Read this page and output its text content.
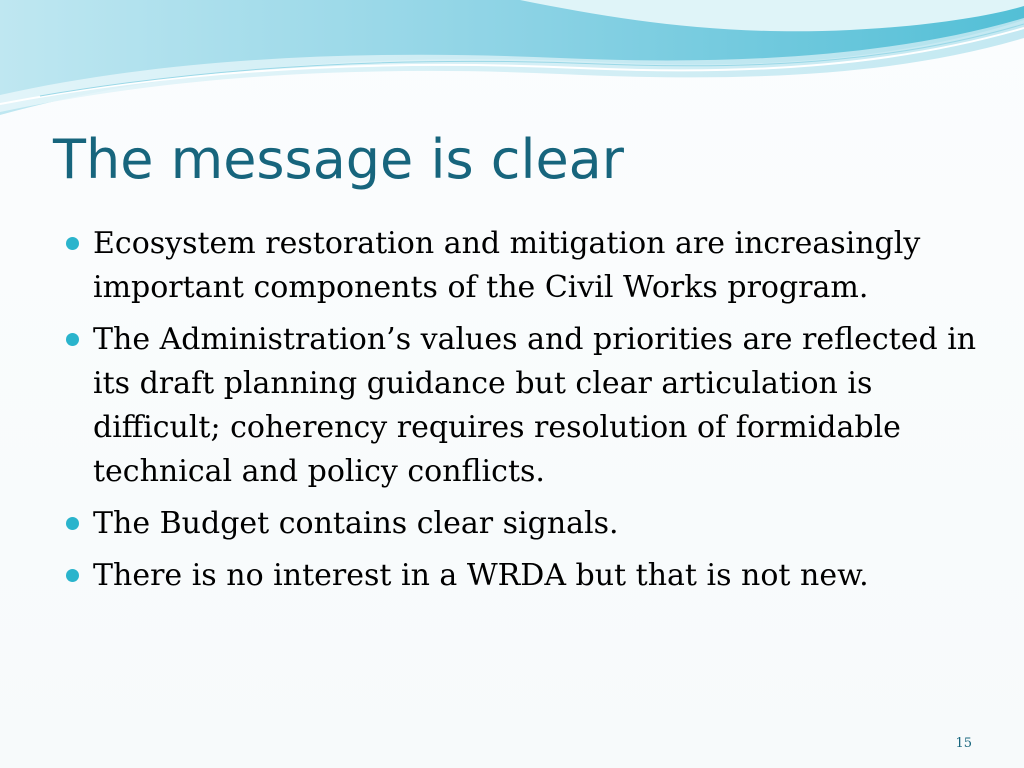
The message is clear
Ecosystem restoration and mitigation are increasingly important components of the Civil Works program.
The Administration’s values and priorities are reflected in its draft planning guidance but clear articulation is difficult; coherency requires resolution of formidable technical and policy conflicts.
The Budget contains clear signals.
There is no interest in a WRDA but that is not new.
15
